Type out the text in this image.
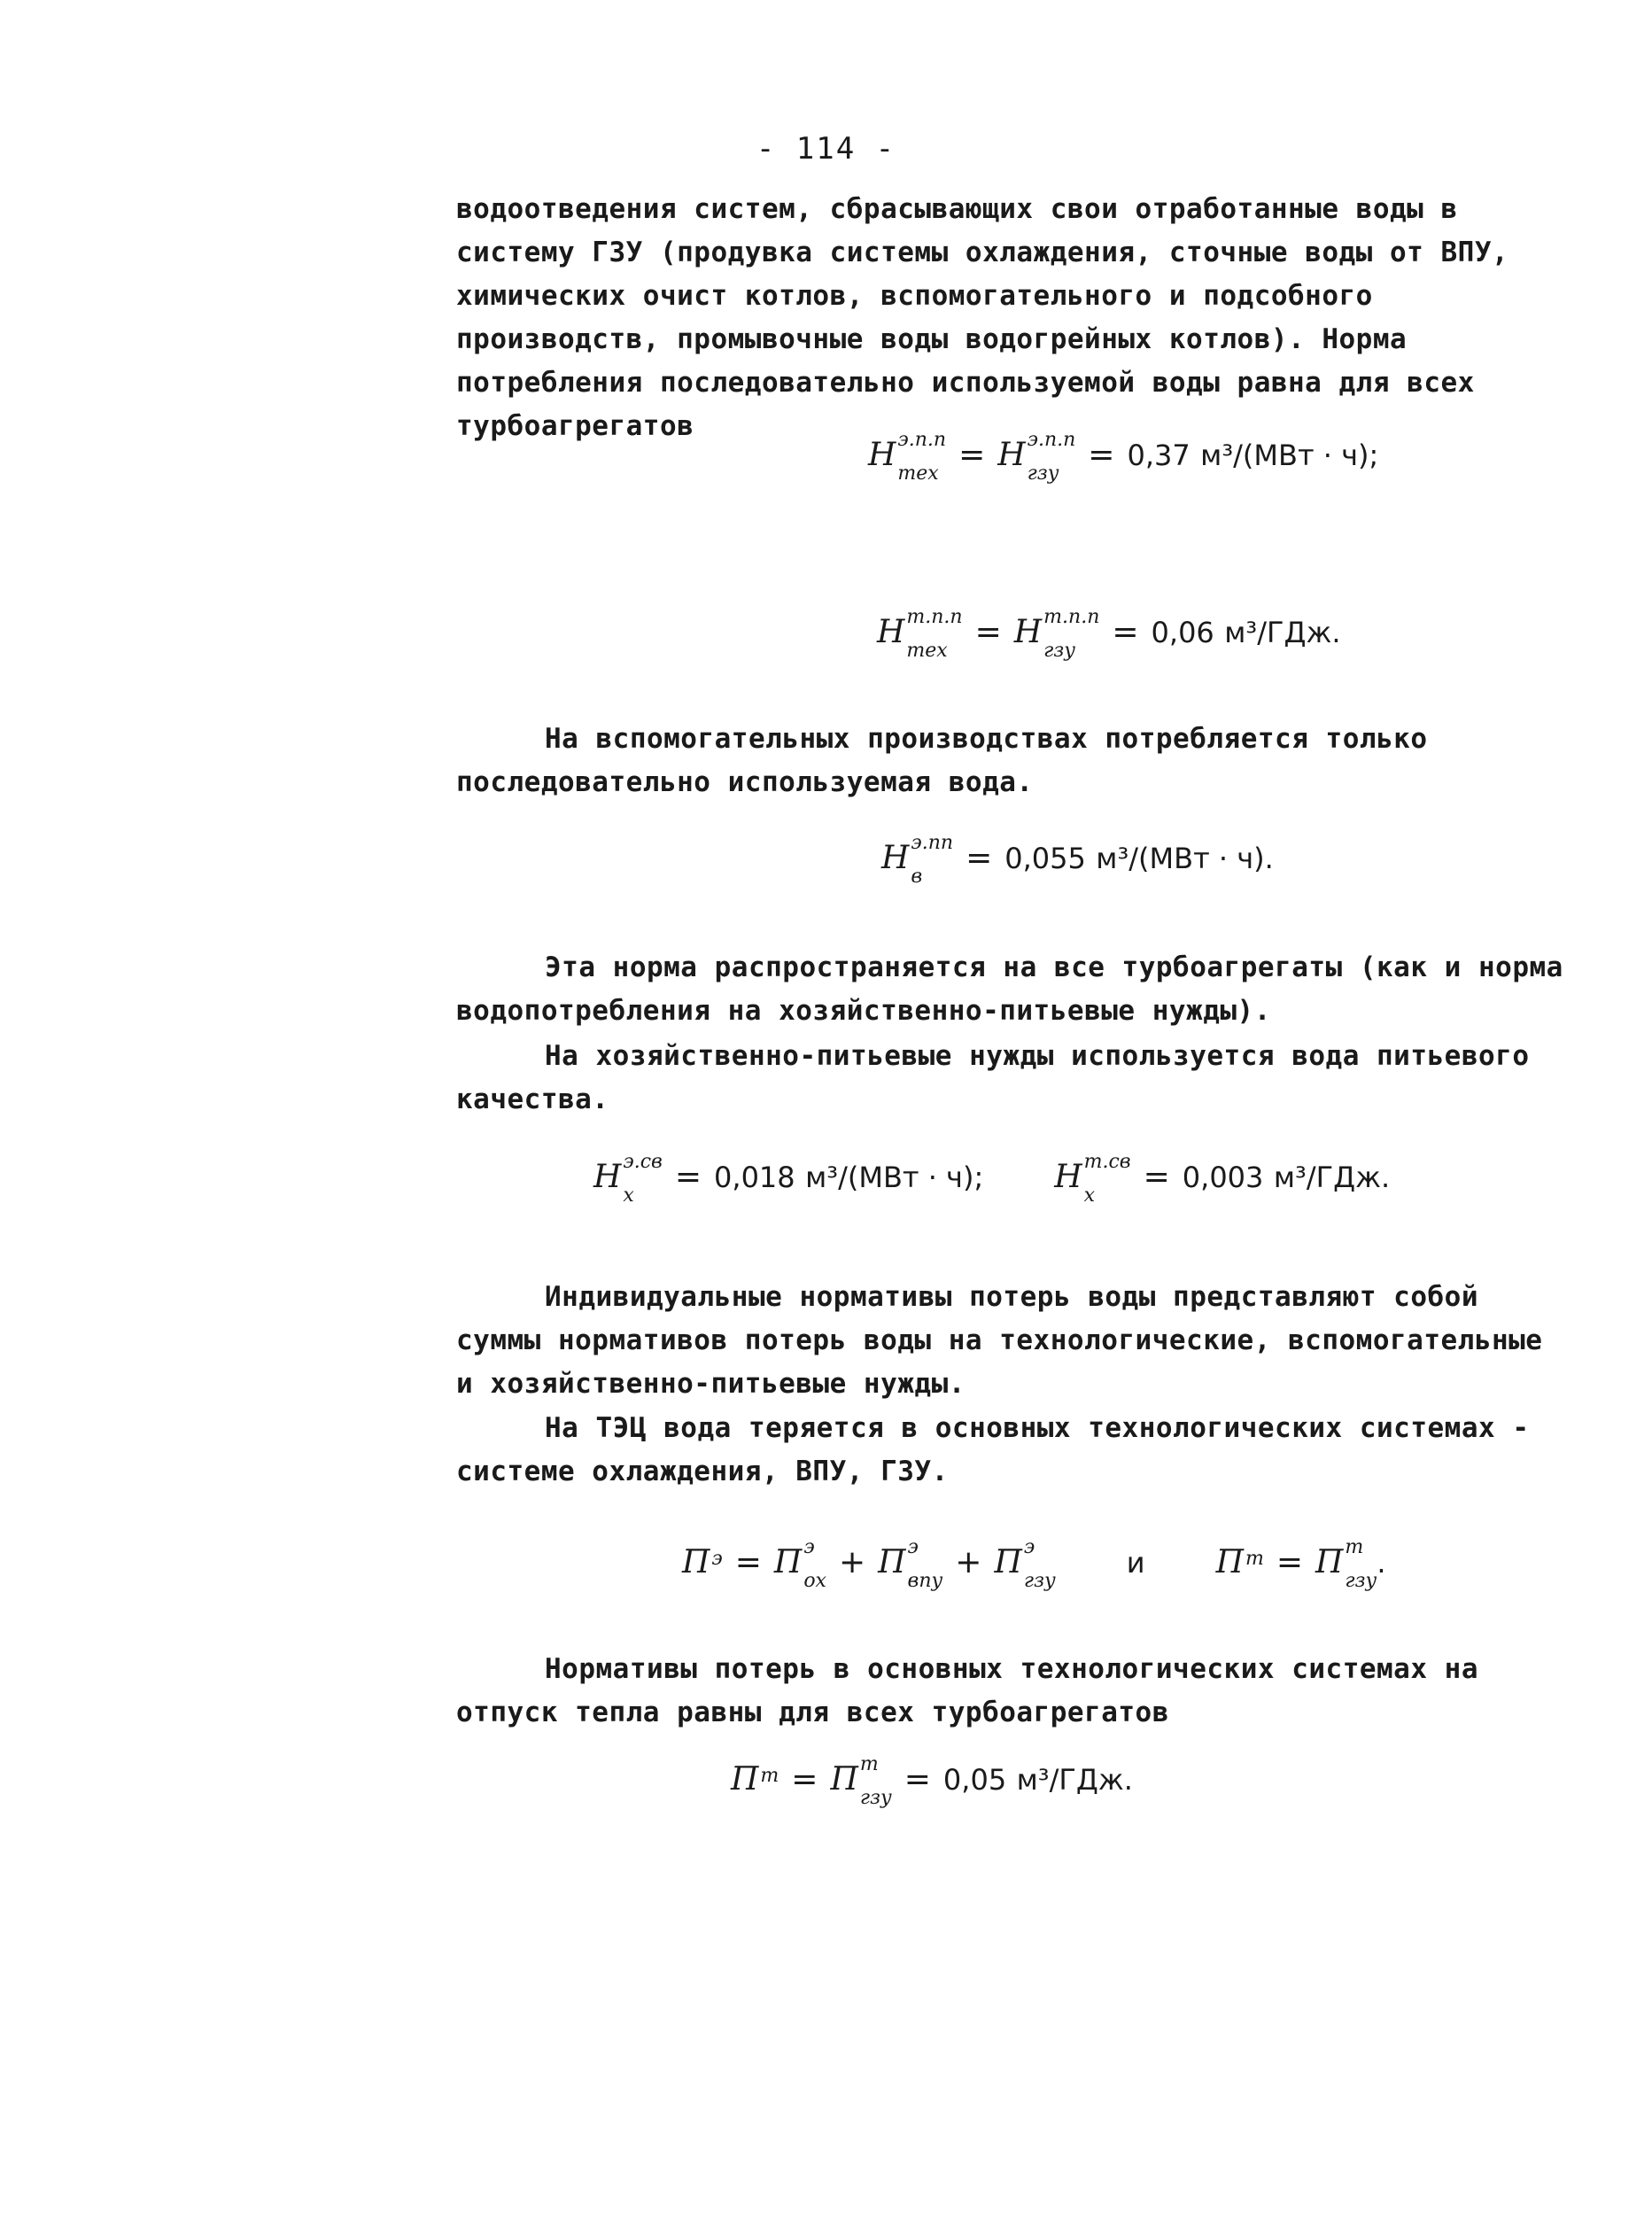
- 114 -
водоотведения систем, сбрасывающих свои отработанные воды в систему ГЗУ (продувка системы охлаждения, сточные воды от ВПУ, химических очист котлов, вспомогательного и подсобного производств, промывочные воды водогрейных котлов). Норма потребления последовательно используемой воды равна для всех турбоагрегатов
Н э.п.п
тех
= Н э.п.п
гзу
= 0,37 м³/(МВт · ч);
Н т.п.п
тех
= Н т.п.п
гзу
= 0,06 м³/ГДж.
На вспомогательных производствах потребляется только последовательно используемая вода.
Н э.пп
в
= 0,055 м³/(МВт · ч).
Эта норма распространяется на все турбоагрегаты (как и норма водопотребления на хозяйственно-питьевые нужды).
На хозяйственно-питьевые нужды используется вода питьевого качества.
Н э.св
х
= 0,018 м³/(МВт · ч); Н т.св
х
= 0,003 м³/ГДж.
Индивидуальные нормативы потерь воды представляют собой суммы нормативов потерь воды на технологические, вспомогательные и хозяйственно-питьевые нужды.
На ТЭЦ вода теряется в основных технологических системах - системе охлаждения, ВПУ, ГЗУ.
П э = П э
ох
+ П э
впу
+ П э
гзу
и П т = П т
гзу
.
Нормативы потерь в основных технологических системах на отпуск тепла равны для всех турбоагрегатов
П т = П т
гзу
= 0,05 м³/ГДж.
